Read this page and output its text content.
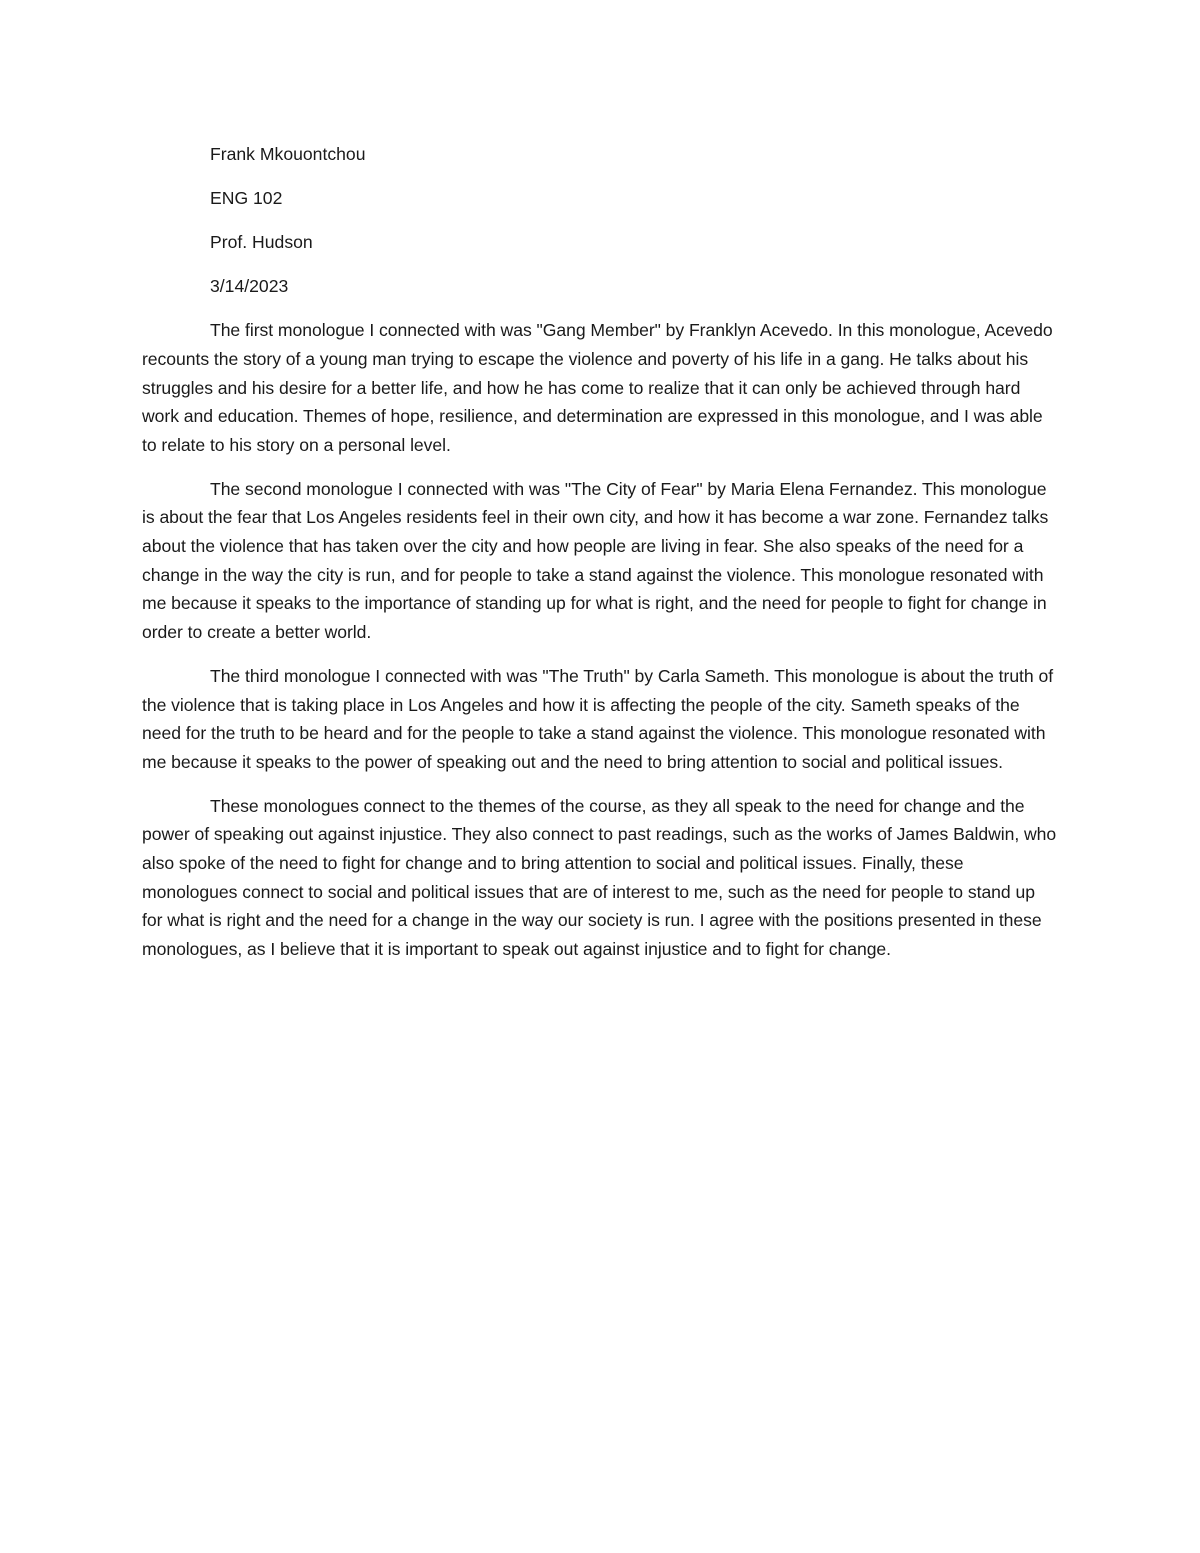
Frank Mkouontchou

ENG 102

Prof. Hudson

3/14/2023

The first monologue I connected with was "Gang Member" by Franklyn Acevedo. In this monologue, Acevedo recounts the story of a young man trying to escape the violence and poverty of his life in a gang. He talks about his struggles and his desire for a better life, and how he has come to realize that it can only be achieved through hard work and education. Themes of hope, resilience, and determination are expressed in this monologue, and I was able to relate to his story on a personal level.

The second monologue I connected with was "The City of Fear" by Maria Elena Fernandez. This monologue is about the fear that Los Angeles residents feel in their own city, and how it has become a war zone. Fernandez talks about the violence that has taken over the city and how people are living in fear. She also speaks of the need for a change in the way the city is run, and for people to take a stand against the violence. This monologue resonated with me because it speaks to the importance of standing up for what is right, and the need for people to fight for change in order to create a better world.

The third monologue I connected with was "The Truth" by Carla Sameth. This monologue is about the truth of the violence that is taking place in Los Angeles and how it is affecting the people of the city. Sameth speaks of the need for the truth to be heard and for the people to take a stand against the violence. This monologue resonated with me because it speaks to the power of speaking out and the need to bring attention to social and political issues.

These monologues connect to the themes of the course, as they all speak to the need for change and the power of speaking out against injustice. They also connect to past readings, such as the works of James Baldwin, who also spoke of the need to fight for change and to bring attention to social and political issues. Finally, these monologues connect to social and political issues that are of interest to me, such as the need for people to stand up for what is right and the need for a change in the way our society is run. I agree with the positions presented in these monologues, as I believe that it is important to speak out against injustice and to fight for change.
